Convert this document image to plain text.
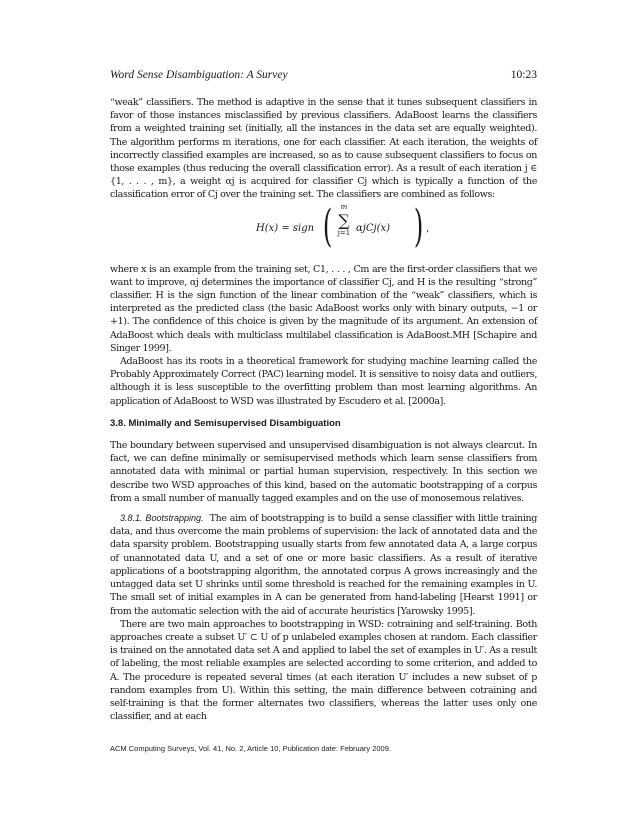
Word Sense Disambiguation: A Survey	10:23

“weak” classifiers. The method is adaptive in the sense that it tunes subsequent classifiers in favor of those instances misclassified by previous classifiers. AdaBoost learns the classifiers from a weighted training set (initially, all the instances in the data set are equally weighted). The algorithm performs m iterations, one for each classifier. At each iteration, the weights of incorrectly classified examples are increased, so as to cause subsequent classifiers to focus on those examples (thus reducing the overall classification error). As a result of each iteration j ∈ {1, . . . , m}, a weight αj is acquired for classifier Cj which is typically a function of the classification error of Cj over the training set. The classifiers are combined as follows:

H(x) = sign (	m
∑
j=1 αjCj(x) ) ,

where x is an example from the training set, C1, . . . , Cm are the first-order classifiers that we want to improve, αj determines the importance of classifier Cj, and H is the resulting “strong” classifier. H is the sign function of the linear combination of the “weak” classifiers, which is interpreted as the predicted class (the basic AdaBoost works only with binary outputs, −1 or +1). The confidence of this choice is given by the magnitude of its argument. An extension of AdaBoost which deals with multiclass multilabel classification is AdaBoost.MH [Schapire and Singer 1999].

AdaBoost has its roots in a theoretical framework for studying machine learning called the Probably Approximately Correct (PAC) learning model. It is sensitive to noisy data and outliers, although it is less susceptible to the overfitting problem than most learning algorithms. An application of AdaBoost to WSD was illustrated by Escudero et al. [2000a].

3.8. Minimally and Semisupervised Disambiguation

The boundary between supervised and unsupervised disambiguation is not always clearcut. In fact, we can define minimally or semisupervised methods which learn sense classifiers from annotated data with minimal or partial human supervision, respectively. In this section we describe two WSD approaches of this kind, based on the automatic bootstrapping of a corpus from a small number of manually tagged examples and on the use of monosemous relatives.

3.8.1. Bootstrapping. The aim of bootstrapping is to build a sense classifier with little training data, and thus overcome the main problems of supervision: the lack of annotated data and the data sparsity problem. Bootstrapping usually starts from few annotated data A, a large corpus of unannotated data U, and a set of one or more basic classifiers. As a result of iterative applications of a bootstrapping algorithm, the annotated corpus A grows increasingly and the untagged data set U shrinks until some threshold is reached for the remaining examples in U. The small set of initial examples in A can be generated from hand-labeling [Hearst 1991] or from the automatic selection with the aid of accurate heuristics [Yarowsky 1995].

There are two main approaches to bootstrapping in WSD: cotraining and self-training. Both approaches create a subset U′ ⊂ U of p unlabeled examples chosen at random. Each classifier is trained on the annotated data set A and applied to label the set of examples in U′. As a result of labeling, the most reliable examples are selected according to some criterion, and added to A. The procedure is repeated several times (at each iteration U′ includes a new subset of p random examples from U). Within this setting, the main difference between cotraining and self-training is that the former alternates two classifiers, whereas the latter uses only one classifier, and at each

ACM Computing Surveys, Vol. 41, No. 2, Article 10, Publication date: February 2009.
